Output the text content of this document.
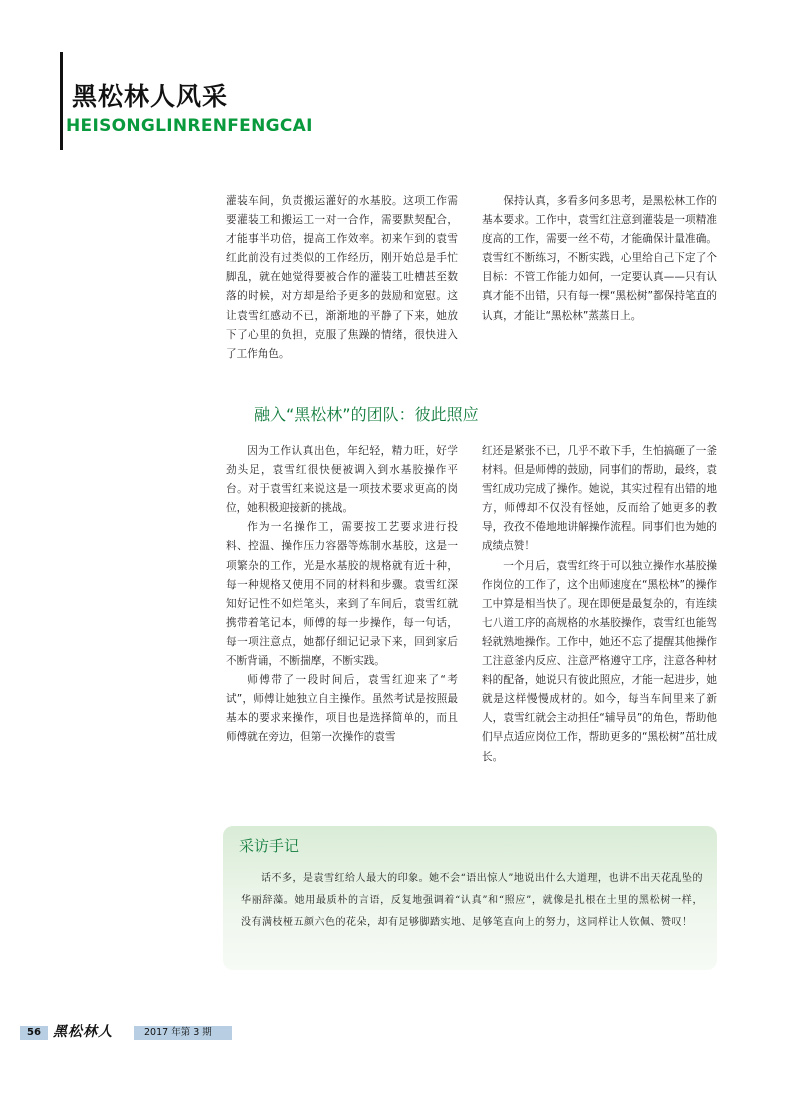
黑松林人风采
HEISONGLINRENFENGCAI

灌装车间，负责搬运灌好的水基胶。这项工作需要灌装工和搬运工一对一合作，需要默契配合，才能事半功倍，提高工作效率。初来乍到的袁雪红此前没有过类似的工作经历，刚开始总是手忙脚乱，就在她觉得要被合作的灌装工吐槽甚至数落的时候，对方却是给予更多的鼓励和宽慰。这让袁雪红感动不已，渐渐地的平静了下来，她放下了心里的负担，克服了焦躁的情绪，很快进入了工作角色。

保持认真，多看多问多思考，是黑松林工作的基本要求。工作中，袁雪红注意到灌装是一项精准度高的工作，需要一丝不苟，才能确保计量准确。袁雪红不断练习，不断实践，心里给自己下定了个目标：不管工作能力如何，一定要认真——只有认真才能不出错，只有每一棵“黑松树”都保持笔直的认真，才能让“黑松林”蒸蒸日上。

融入“黑松林”的团队：彼此照应

因为工作认真出色，年纪轻，精力旺，好学劲头足，袁雪红很快便被调入到水基胶操作平台。对于袁雪红来说这是一项技术要求更高的岗位，她积极迎接新的挑战。

作为一名操作工，需要按工艺要求进行投料、控温、操作压力容器等炼制水基胶，这是一项繁杂的工作，光是水基胶的规格就有近十种，每一种规格又使用不同的材料和步骤。袁雪红深知好记性不如烂笔头，来到了车间后，袁雪红就携带着笔记本，师傅的每一步操作，每一句话，每一项注意点，她都仔细记记录下来，回到家后不断背诵，不断揣摩，不断实践。

师傅带了一段时间后，袁雪红迎来了“考试”，师傅让她独立自主操作。虽然考试是按照最基本的要求来操作，项目也是选择简单的，而且师傅就在旁边，但第一次操作的袁雪

红还是紧张不已，几乎不敢下手，生怕搞砸了一釜材料。但是师傅的鼓励，同事们的帮助，最终，袁雪红成功完成了操作。她说，其实过程有出错的地方，师傅却不仅没有怪她，反而给了她更多的教导，孜孜不倦地地讲解操作流程。同事们也为她的成绩点赞！

一个月后，袁雪红终于可以独立操作水基胶操作岗位的工作了，这个出师速度在“黑松林”的操作工中算是相当快了。现在即便是最复杂的，有连续七八道工序的高规格的水基胶操作，袁雪红也能驾轻就熟地操作。工作中，她还不忘了提醒其他操作工注意釜内反应、注意严格遵守工序，注意各种材料的配备，她说只有彼此照应，才能一起进步，她就是这样慢慢成材的。如今，每当车间里来了新人，袁雪红就会主动担任“辅导员”的角色，帮助他们早点适应岗位工作，帮助更多的“黑松树”茁壮成长。

采访手记

话不多，是袁雪红给人最大的印象。她不会“语出惊人”地说出什么大道理，也讲不出天花乱坠的华丽辞藻。她用最质朴的言语，反复地强调着“认真”和“照应”，就像是扎根在土里的黑松树一样，没有满枝桠五颜六色的花朵，却有足够脚踏实地、足够笔直向上的努力，这同样让人钦佩、赞叹！

56 黑松林人	2017 年第 3 期
